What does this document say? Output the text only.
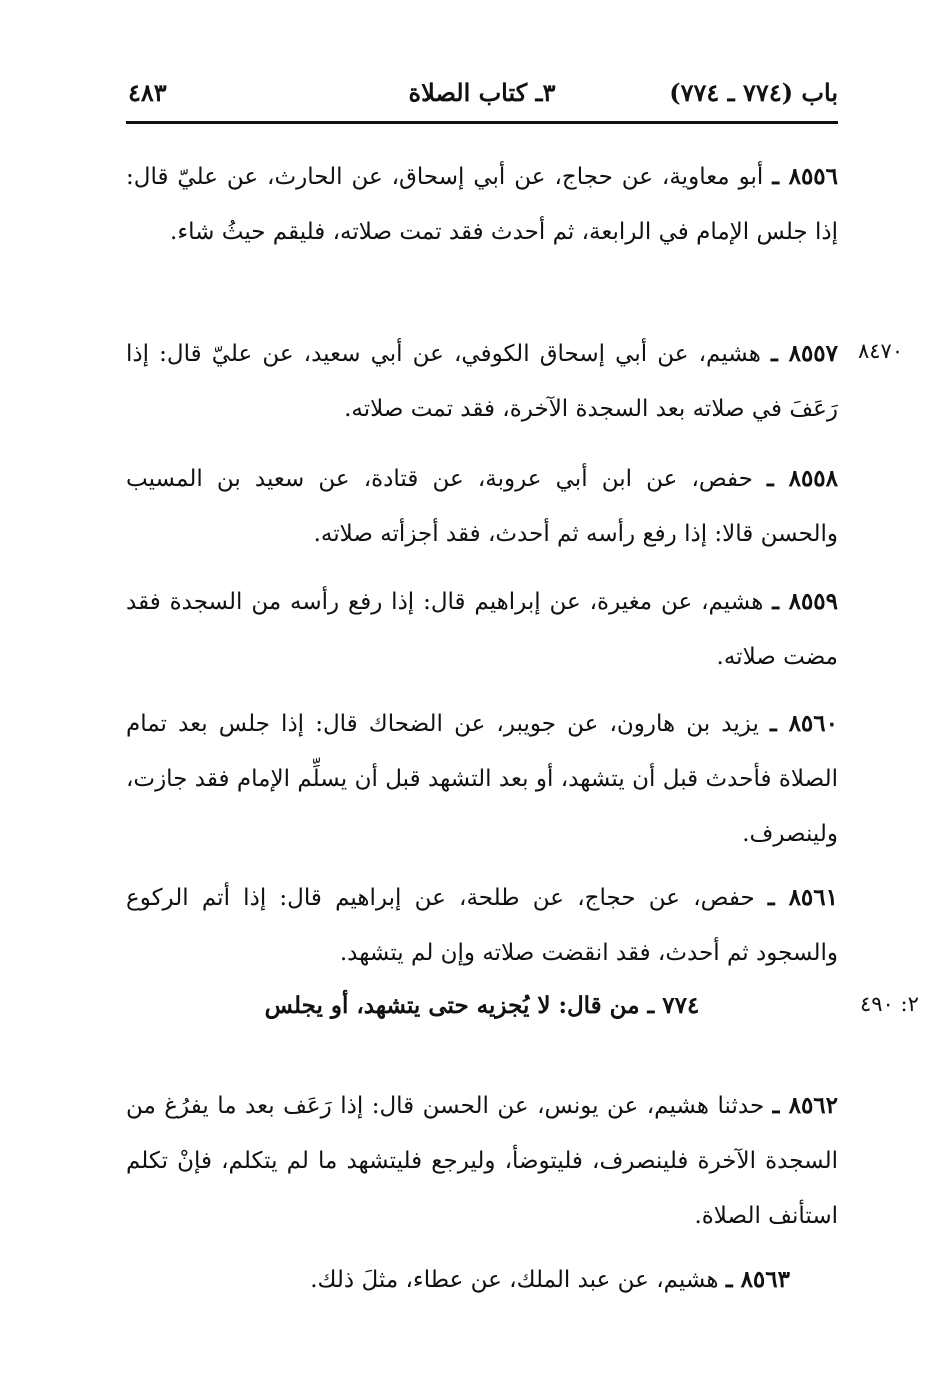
باب (٧٧٤ ـ ٧٧٤)
٣ـ كتاب الصلاة
٤٨٣
٨٥٥٦ ـ أبو معاوية، عن حجاج، عن أبي إسحاق، عن الحارث، عن عليّ قال: إذا جلس الإمام في الرابعة، ثم أحدث فقد تمت صلاته، فليقم حيثُ شاء.
٨٤٧٠
٨٥٥٧ ـ هشيم، عن أبي إسحاق الكوفي، عن أبي سعيد، عن عليّ قال: إذا رَعَفَ في صلاته بعد السجدة الآخرة، فقد تمت صلاته.
٨٥٥٨ ـ حفص، عن ابن أبي عروبة، عن قتادة، عن سعيد بن المسيب والحسن قالا: إذا رفع رأسه ثم أحدث، فقد أجزأته صلاته.
٨٥٥٩ ـ هشيم، عن مغيرة، عن إبراهيم قال: إذا رفع رأسه من السجدة فقد مضت صلاته.
٨٥٦٠ ـ يزيد بن هارون، عن جويبر، عن الضحاك قال: إذا جلس بعد تمام الصلاة فأحدث قبل أن يتشهد، أو بعد التشهد قبل أن يسلِّم الإمام فقد جازت، ولينصرف.
٨٥٦١ ـ حفص، عن حجاج، عن طلحة، عن إبراهيم قال: إذا أتم الركوع والسجود ثم أحدث، فقد انقضت صلاته وإن لم يتشهد.
٢: ٤٩٠
٧٧٤ ـ من قال: لا يُجزيه حتى يتشهد، أو يجلس
٨٥٦٢ ـ حدثنا هشيم، عن يونس، عن الحسن قال: إذا رَعَف بعد ما يفرُغ من السجدة الآخرة فلينصرف، فليتوضأ، وليرجع فليتشهد ما لم يتكلم، فإنْ تكلم استأنف الصلاة.
٨٥٦٣ ـ هشيم، عن عبد الملك، عن عطاء، مثلَ ذلك.
